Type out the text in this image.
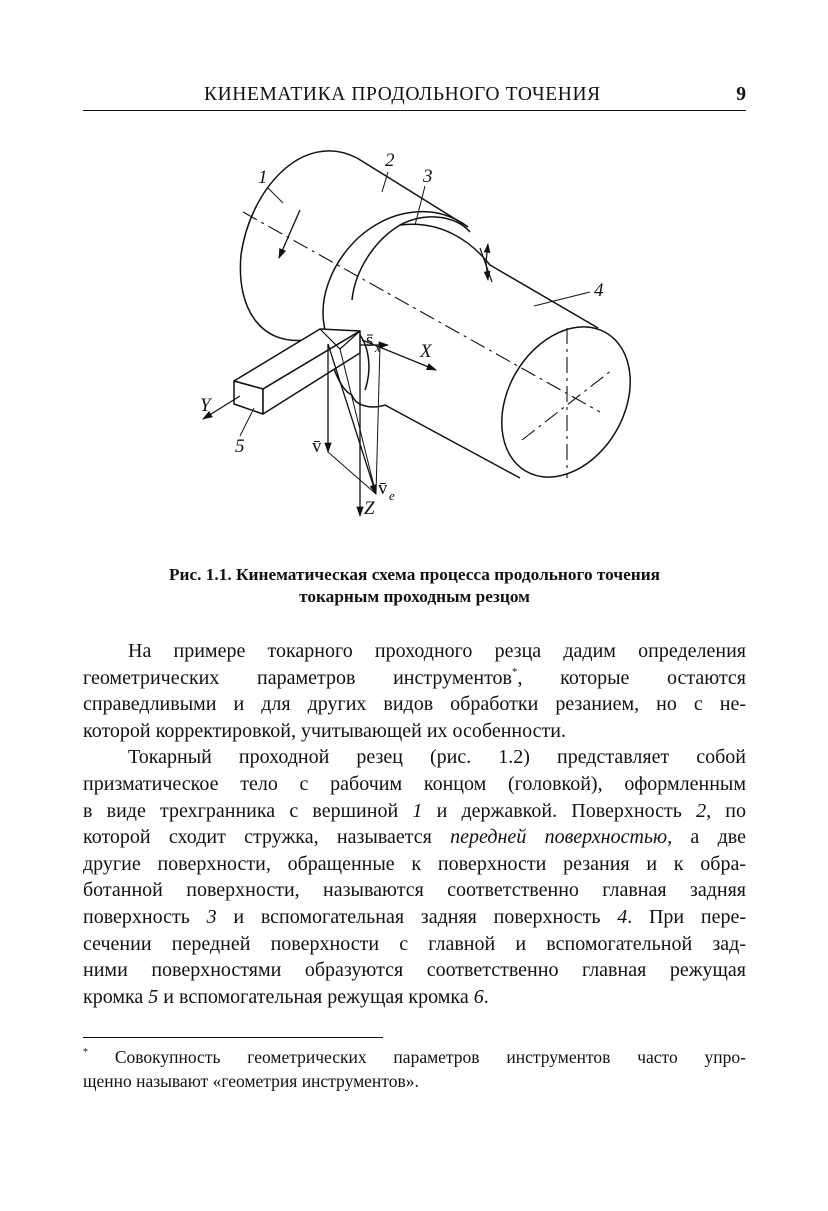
КИНЕМАТИКА ПРОДОЛЬНОГО ТОЧЕНИЯ	9
1
2
3
4
5
X
Y
Z
v̄
s̄ x
v̄ e
Рис. 1.1. Кинематическая схема процесса продольного точения
токарным проходным резцом
На примере токарного проходного резца дадим определения
геометрических параметров инструментов*, которые остаются
справедливыми и для других видов обработки резанием, но с не-
которой корректировкой, учитывающей их особенности.
Токарный проходной резец (рис. 1.2) представляет собой
призматическое тело с рабочим концом (головкой), оформленным
в виде трехгранника с вершиной 1 и державкой. Поверхность 2, по
которой сходит стружка, называется передней поверхностью, а две
другие поверхности, обращенные к поверхности резания и к обра-
ботанной поверхности, называются соответственно главная задняя
поверхность 3 и вспомогательная задняя поверхность 4. При пере-
сечении передней поверхности с главной и вспомогательной зад-
ними поверхностями образуются соответственно главная режущая
кромка 5 и вспомогательная режущая кромка 6.
* Совокупность геометрических параметров инструментов часто упро-
щенно называют «геометрия инструментов».
